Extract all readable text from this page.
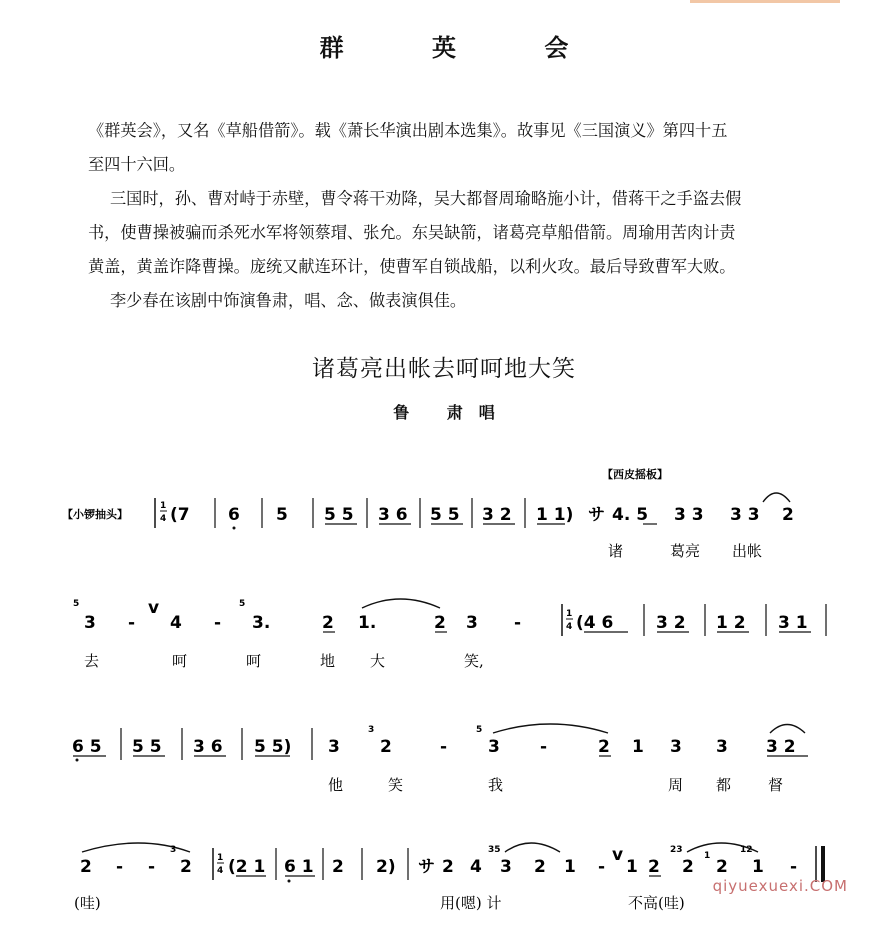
群 英 会

《群英会》，又名《草船借箭》。载《萧长华演出剧本选集》。故事见《三国演义》第四十五

至四十六回。

三国时，孙、曹对峙于赤壁，曹令蒋干劝降，吴大都督周瑜略施小计，借蒋干之手盗去假

书，使曹操被骗而杀死水军将领蔡瑁、张允。东吴缺箭，诸葛亮草船借箭。周瑜用苦肉计责

黄盖，黄盖诈降曹操。庞统又献连环计，使曹军自锁战船，以利火攻。最后导致曹军大败。

李少春在该剧中饰演鲁肃，唱、念、做表演俱佳。

诸葛亮出帐去呵呵地大笑
鲁 肃唱
【西皮摇板】
【小锣抽头】
1
4 (7 6 5 5 5 3 6 5 5 3 2 1 1) サ 4. 5 3 3 3 3 2
诸	葛亮 出帐
5
3 -
v
4 -
5
3.	2 1.	2 3 -	1
4 (4 6	3 2 1 2 3 1
去	呵	呵	地 大	笑,
6 5 5 5 3 6 5 5) 3
3
2	-
5
3 -	2 1 3 3 3 2
他	笑	我	周 都 督
2 - -
3
2	1
4 (2 1 6 1 2 2) サ 2 4
35
3 2 1 -
v
1 2
23
2
1
2
12
1 -
(哇)	用(嗯) 计	不高(哇)
qiyuexuexi.COM
